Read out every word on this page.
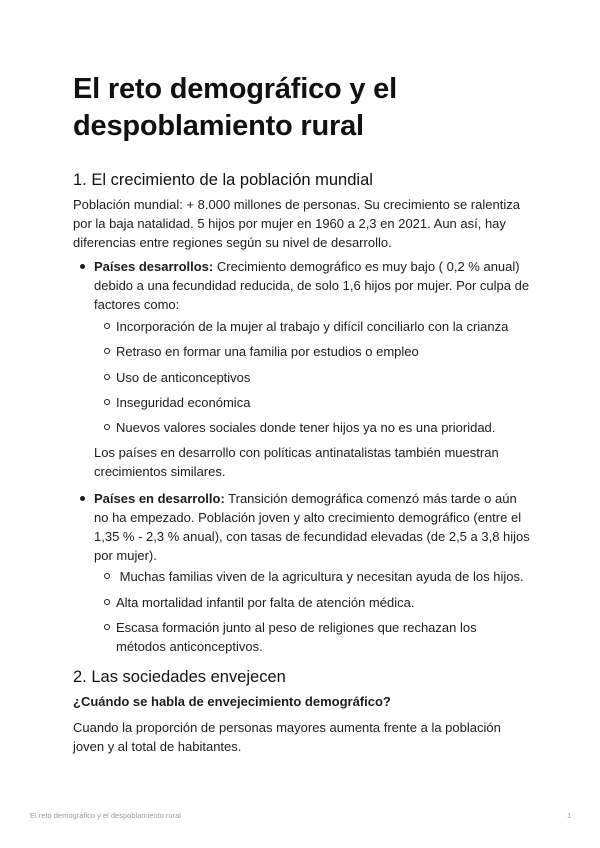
El reto demográfico y el despoblamiento rural
1. El crecimiento de la población mundial

Población mundial: + 8.000 millones de personas. Su crecimiento se ralentiza por la baja natalidad. 5 hijos por mujer en 1960 a 2,3 en 2021. Aun así, hay diferencias entre regiones según su nivel de desarrollo.

Países desarrollos: Crecimiento demográfico es muy bajo ( 0,2 % anual) debido a una fecundidad reducida, de solo 1,6 hijos por mujer. Por culpa de factores como:
Incorporación de la mujer al trabajo y difícil conciliarlo con la crianza
Retraso en formar una familia por estudios o empleo
Uso de anticonceptivos
Inseguridad económica
Nuevos valores sociales donde tener hijos ya no es una prioridad.

Los países en desarrollo con políticas antinatalistas también muestran crecimientos similares.

Países en desarrollo: Transición demográfica comenzó más tarde o aún no ha empezado. Población joven y alto crecimiento demográfico (entre el 1,35 % - 2,3 % anual), con tasas de fecundidad elevadas (de 2,5 a 3,8 hijos por mujer).
Muchas familias viven de la agricultura y necesitan ayuda de los hijos.
Alta mortalidad infantil por falta de atención médica.
Escasa formación junto al peso de religiones que rechazan los métodos anticonceptivos.
2. Las sociedades envejecen

¿Cuándo se habla de envejecimiento demográfico?

Cuando la proporción de personas mayores aumenta frente a la población joven y al total de habitantes.

El reto demográfico y el despoblamiento rural	1
